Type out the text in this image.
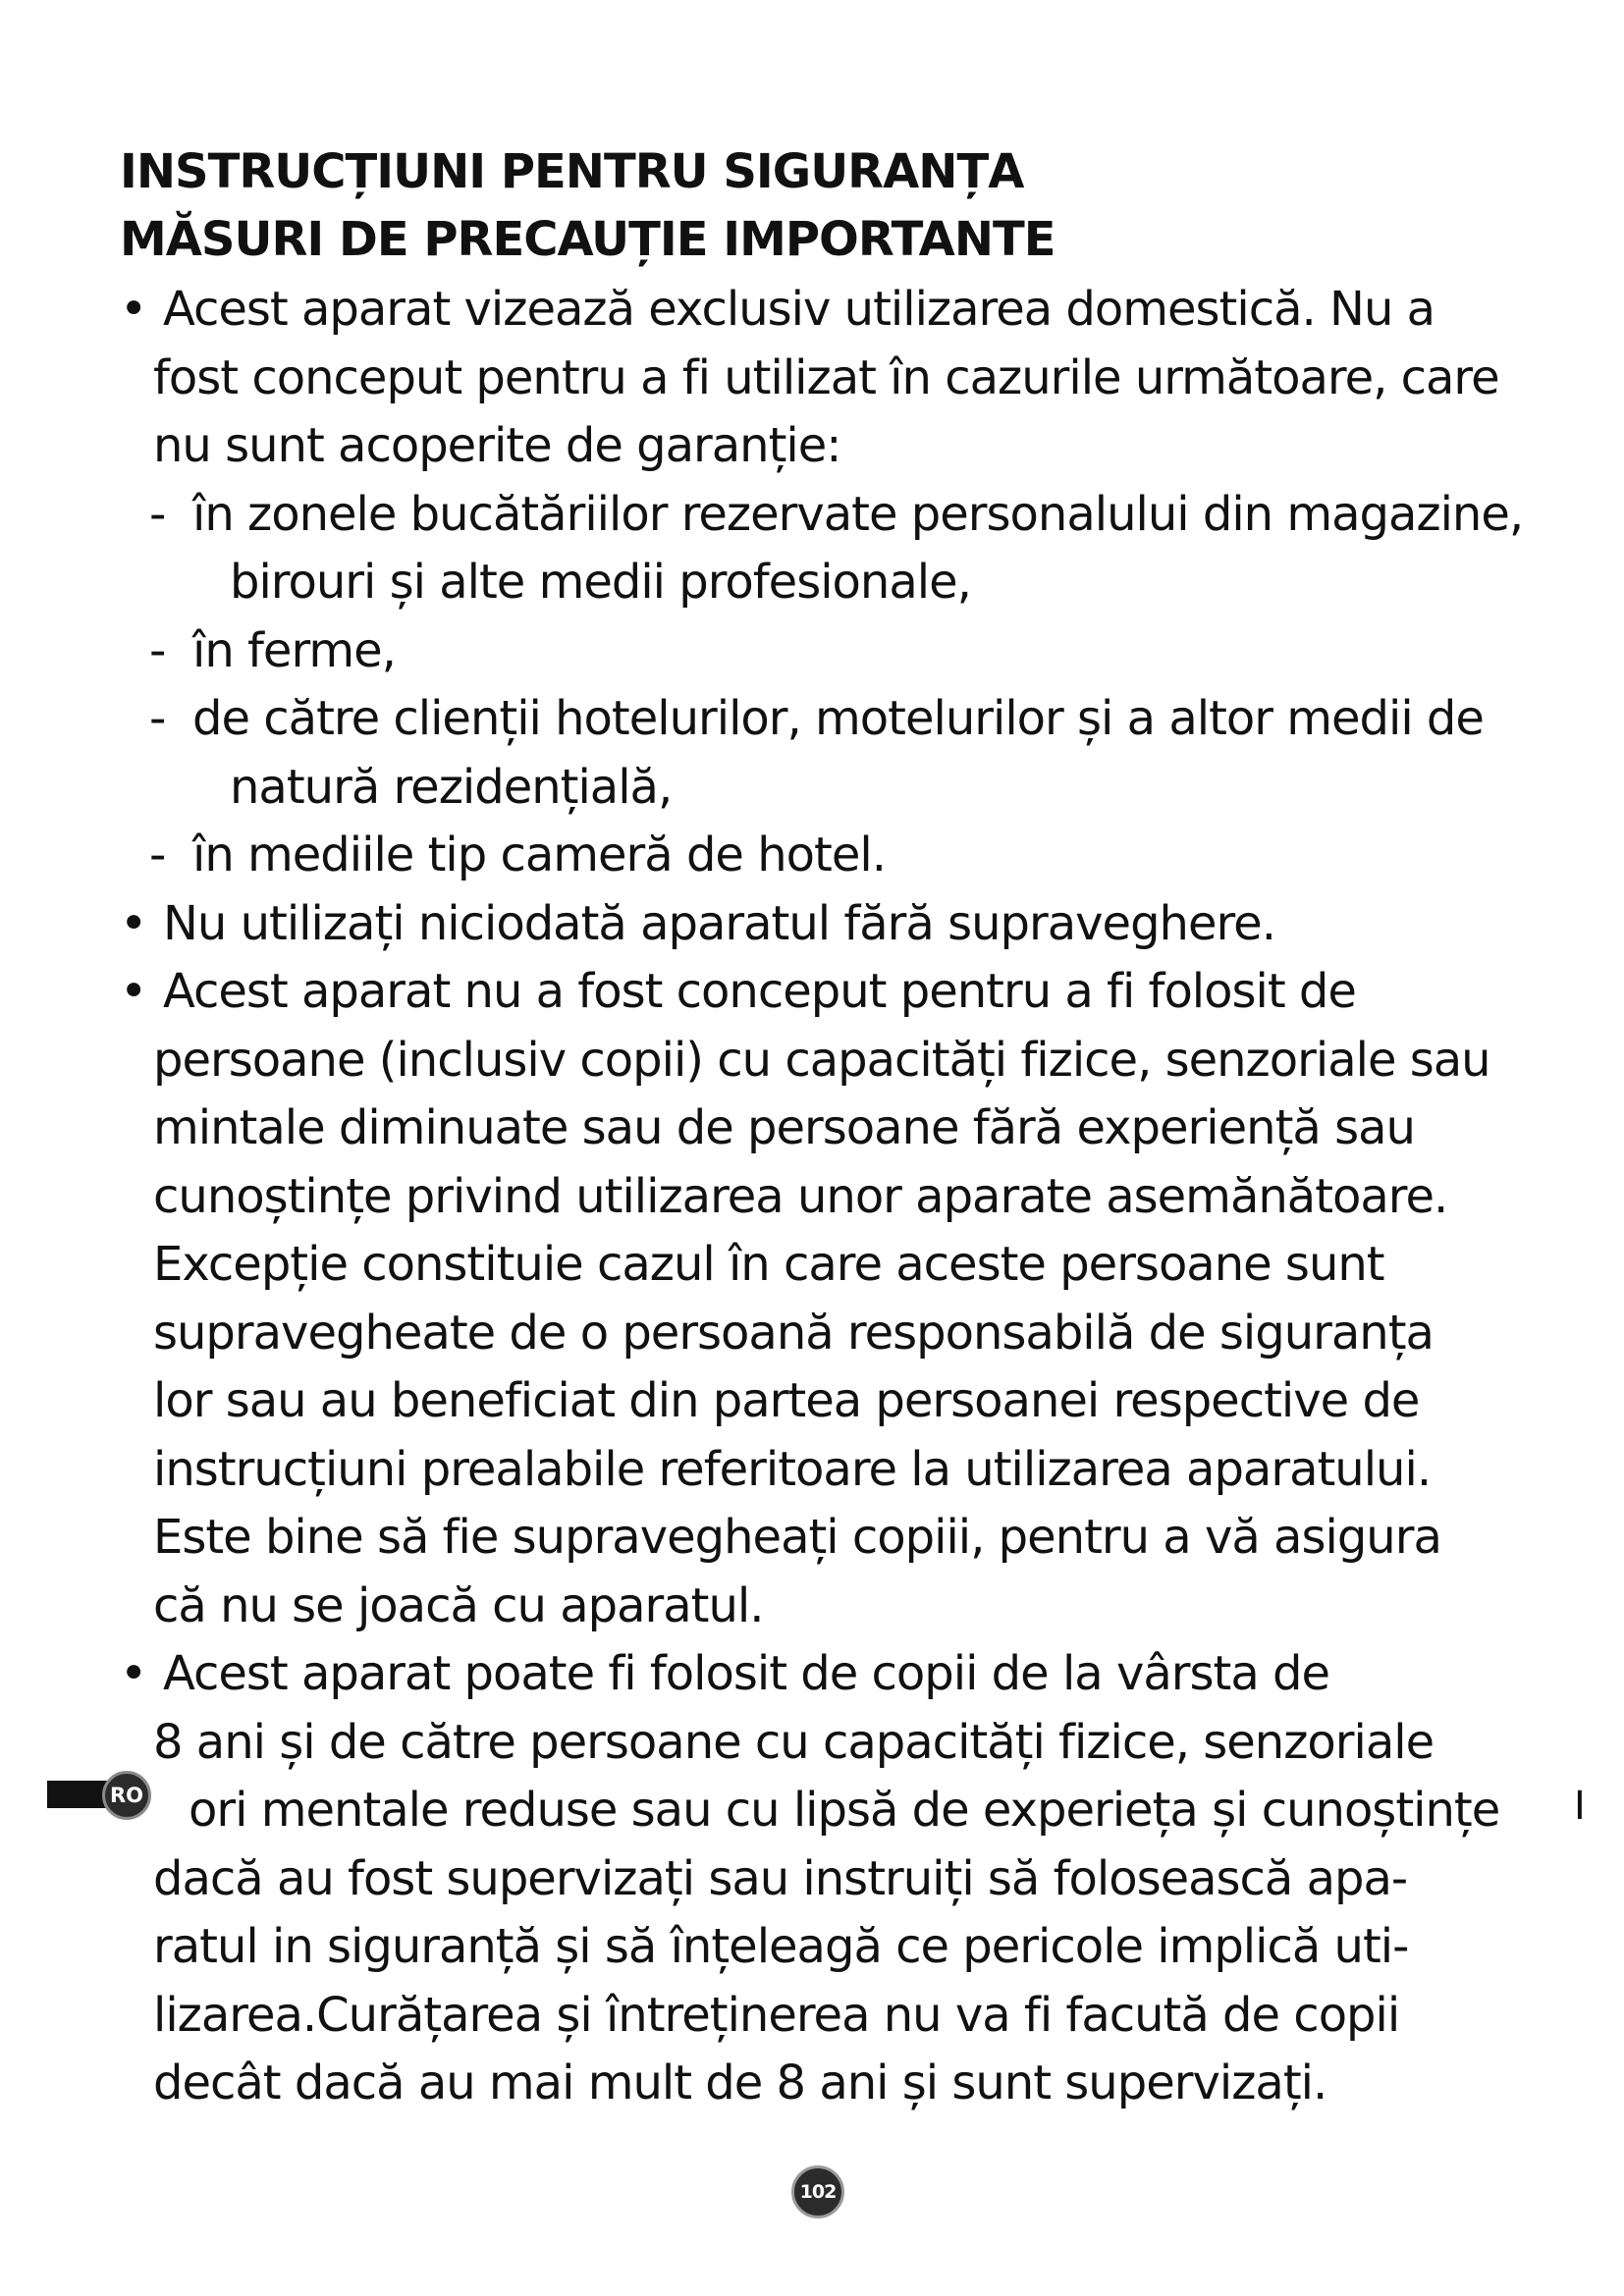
INSTRUCȚIUNI PENTRU SIGURANȚA
MĂSURI DE PRECAUȚIE IMPORTANTE
• Acest aparat vizează exclusiv utilizarea domestică. Nu a
fost conceput pentru a fi utilizat în cazurile următoare, care
nu sunt acoperite de garanție:
- în zonele bucătăriilor rezervate personalului din magazine,
birouri și alte medii profesionale,
- în ferme,
- de către clienții hotelurilor, motelurilor și a altor medii de
natură rezidențială,
- în mediile tip cameră de hotel.
• Nu utilizați niciodată aparatul fără supraveghere.
• Acest aparat nu a fost conceput pentru a fi folosit de
persoane (inclusiv copii) cu capacități fizice, senzoriale sau
mintale diminuate sau de persoane fără experiență sau
cunoștințe privind utilizarea unor aparate asemănătoare.
Excepție constituie cazul în care aceste persoane sunt
supravegheate de o persoană responsabilă de siguranța
lor sau au beneficiat din partea persoanei respective de
instrucțiuni prealabile referitoare la utilizarea aparatului.
Este bine să fie supravegheați copiii, pentru a vă asigura
că nu se joacă cu aparatul.
• Acest aparat poate fi folosit de copii de la vârsta de
8 ani și de către persoane cu capacități fizice, senzoriale
ori mentale reduse sau cu lipsă de experieța și cunoștințe
dacă au fost supervizați sau instruiți să folosească apa-
ratul in siguranță și să înțeleagă ce pericole implică uti-
lizarea.Curățarea și întreținerea nu va fi facută de copii
decât dacă au mai mult de 8 ani și sunt supervizați.
RO	I
102
